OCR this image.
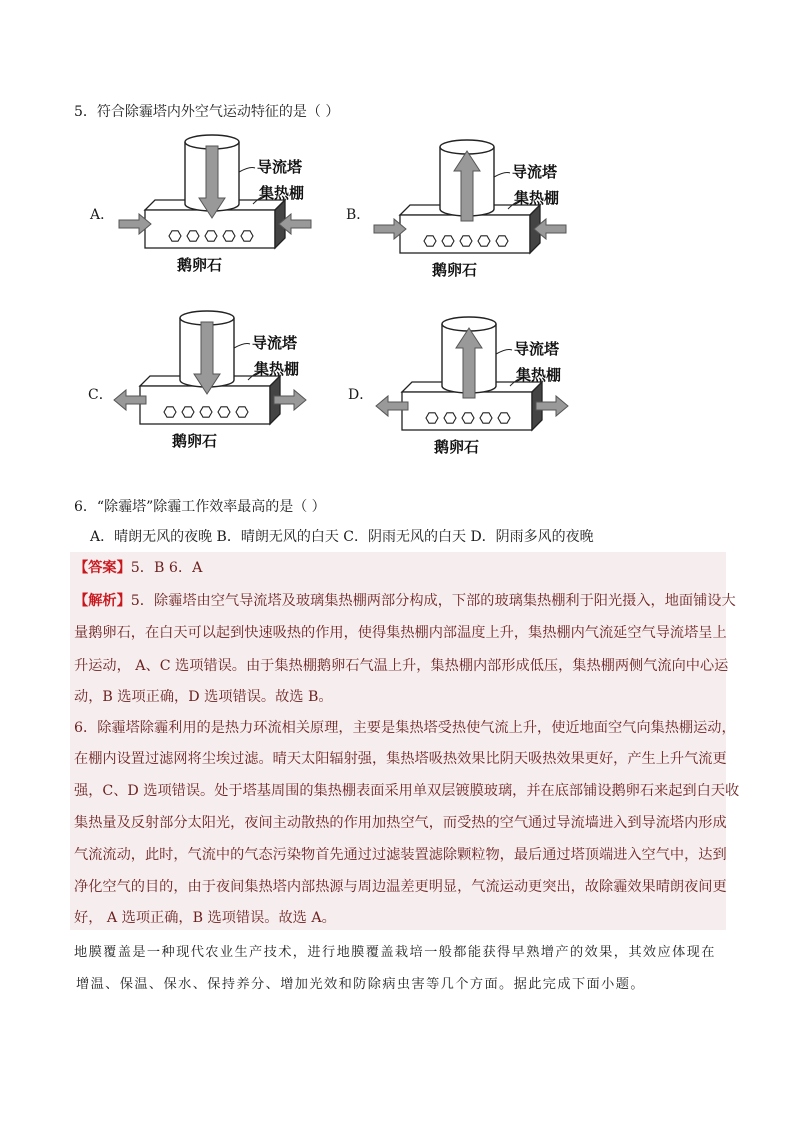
5．符合除霾塔内外空气运动特征的是（ ）
A．	B．
C．	D．
导流塔
集热棚
鹅卵石
导流塔
集热棚
鹅卵石
导流塔
集热棚
鹅卵石
导流塔
集热棚
鹅卵石
6．“除霾塔”除霾工作效率最高的是（ ）
A．晴朗无风的夜晚 B．晴朗无风的白天 C．阴雨无风的白天 D．阴雨多风的夜晚
【答案】5．B 6．A
【解析】5．除霾塔由空气导流塔及玻璃集热棚两部分构成，下部的玻璃集热棚利于阳光摄入，地面铺设大
量鹅卵石，在白天可以起到快速吸热的作用，使得集热棚内部温度上升，集热棚内气流延空气导流塔呈上
升运动， A、C 选项错误。由于集热棚鹅卵石气温上升，集热棚内部形成低压，集热棚两侧气流向中心运
动，B 选项正确，D 选项错误。故选 B。
6．除霾塔除霾利用的是热力环流相关原理，主要是集热塔受热使气流上升，使近地面空气向集热棚运动，
在棚内设置过滤网将尘埃过滤。晴天太阳辐射强，集热塔吸热效果比阴天吸热效果更好，产生上升气流更
强，C、D 选项错误。处于塔基周围的集热棚表面采用单双层镀膜玻璃，并在底部铺设鹅卵石来起到白天收
集热量及反射部分太阳光，夜间主动散热的作用加热空气，而受热的空气通过导流墙进入到导流塔内形成
气流流动，此时，气流中的气态污染物首先通过过滤装置滤除颗粒物，最后通过塔顶端进入空气中，达到
净化空气的目的，由于夜间集热塔内部热源与周边温差更明显，气流运动更突出，故除霾效果晴朗夜间更
好， A 选项正确，B 选项错误。故选 A。
地膜覆盖是一种现代农业生产技术，进行地膜覆盖栽培一般都能获得早熟增产的效果，其效应体现在
增温、保温、保水、保持养分、增加光效和防除病虫害等几个方面。据此完成下面小题。
